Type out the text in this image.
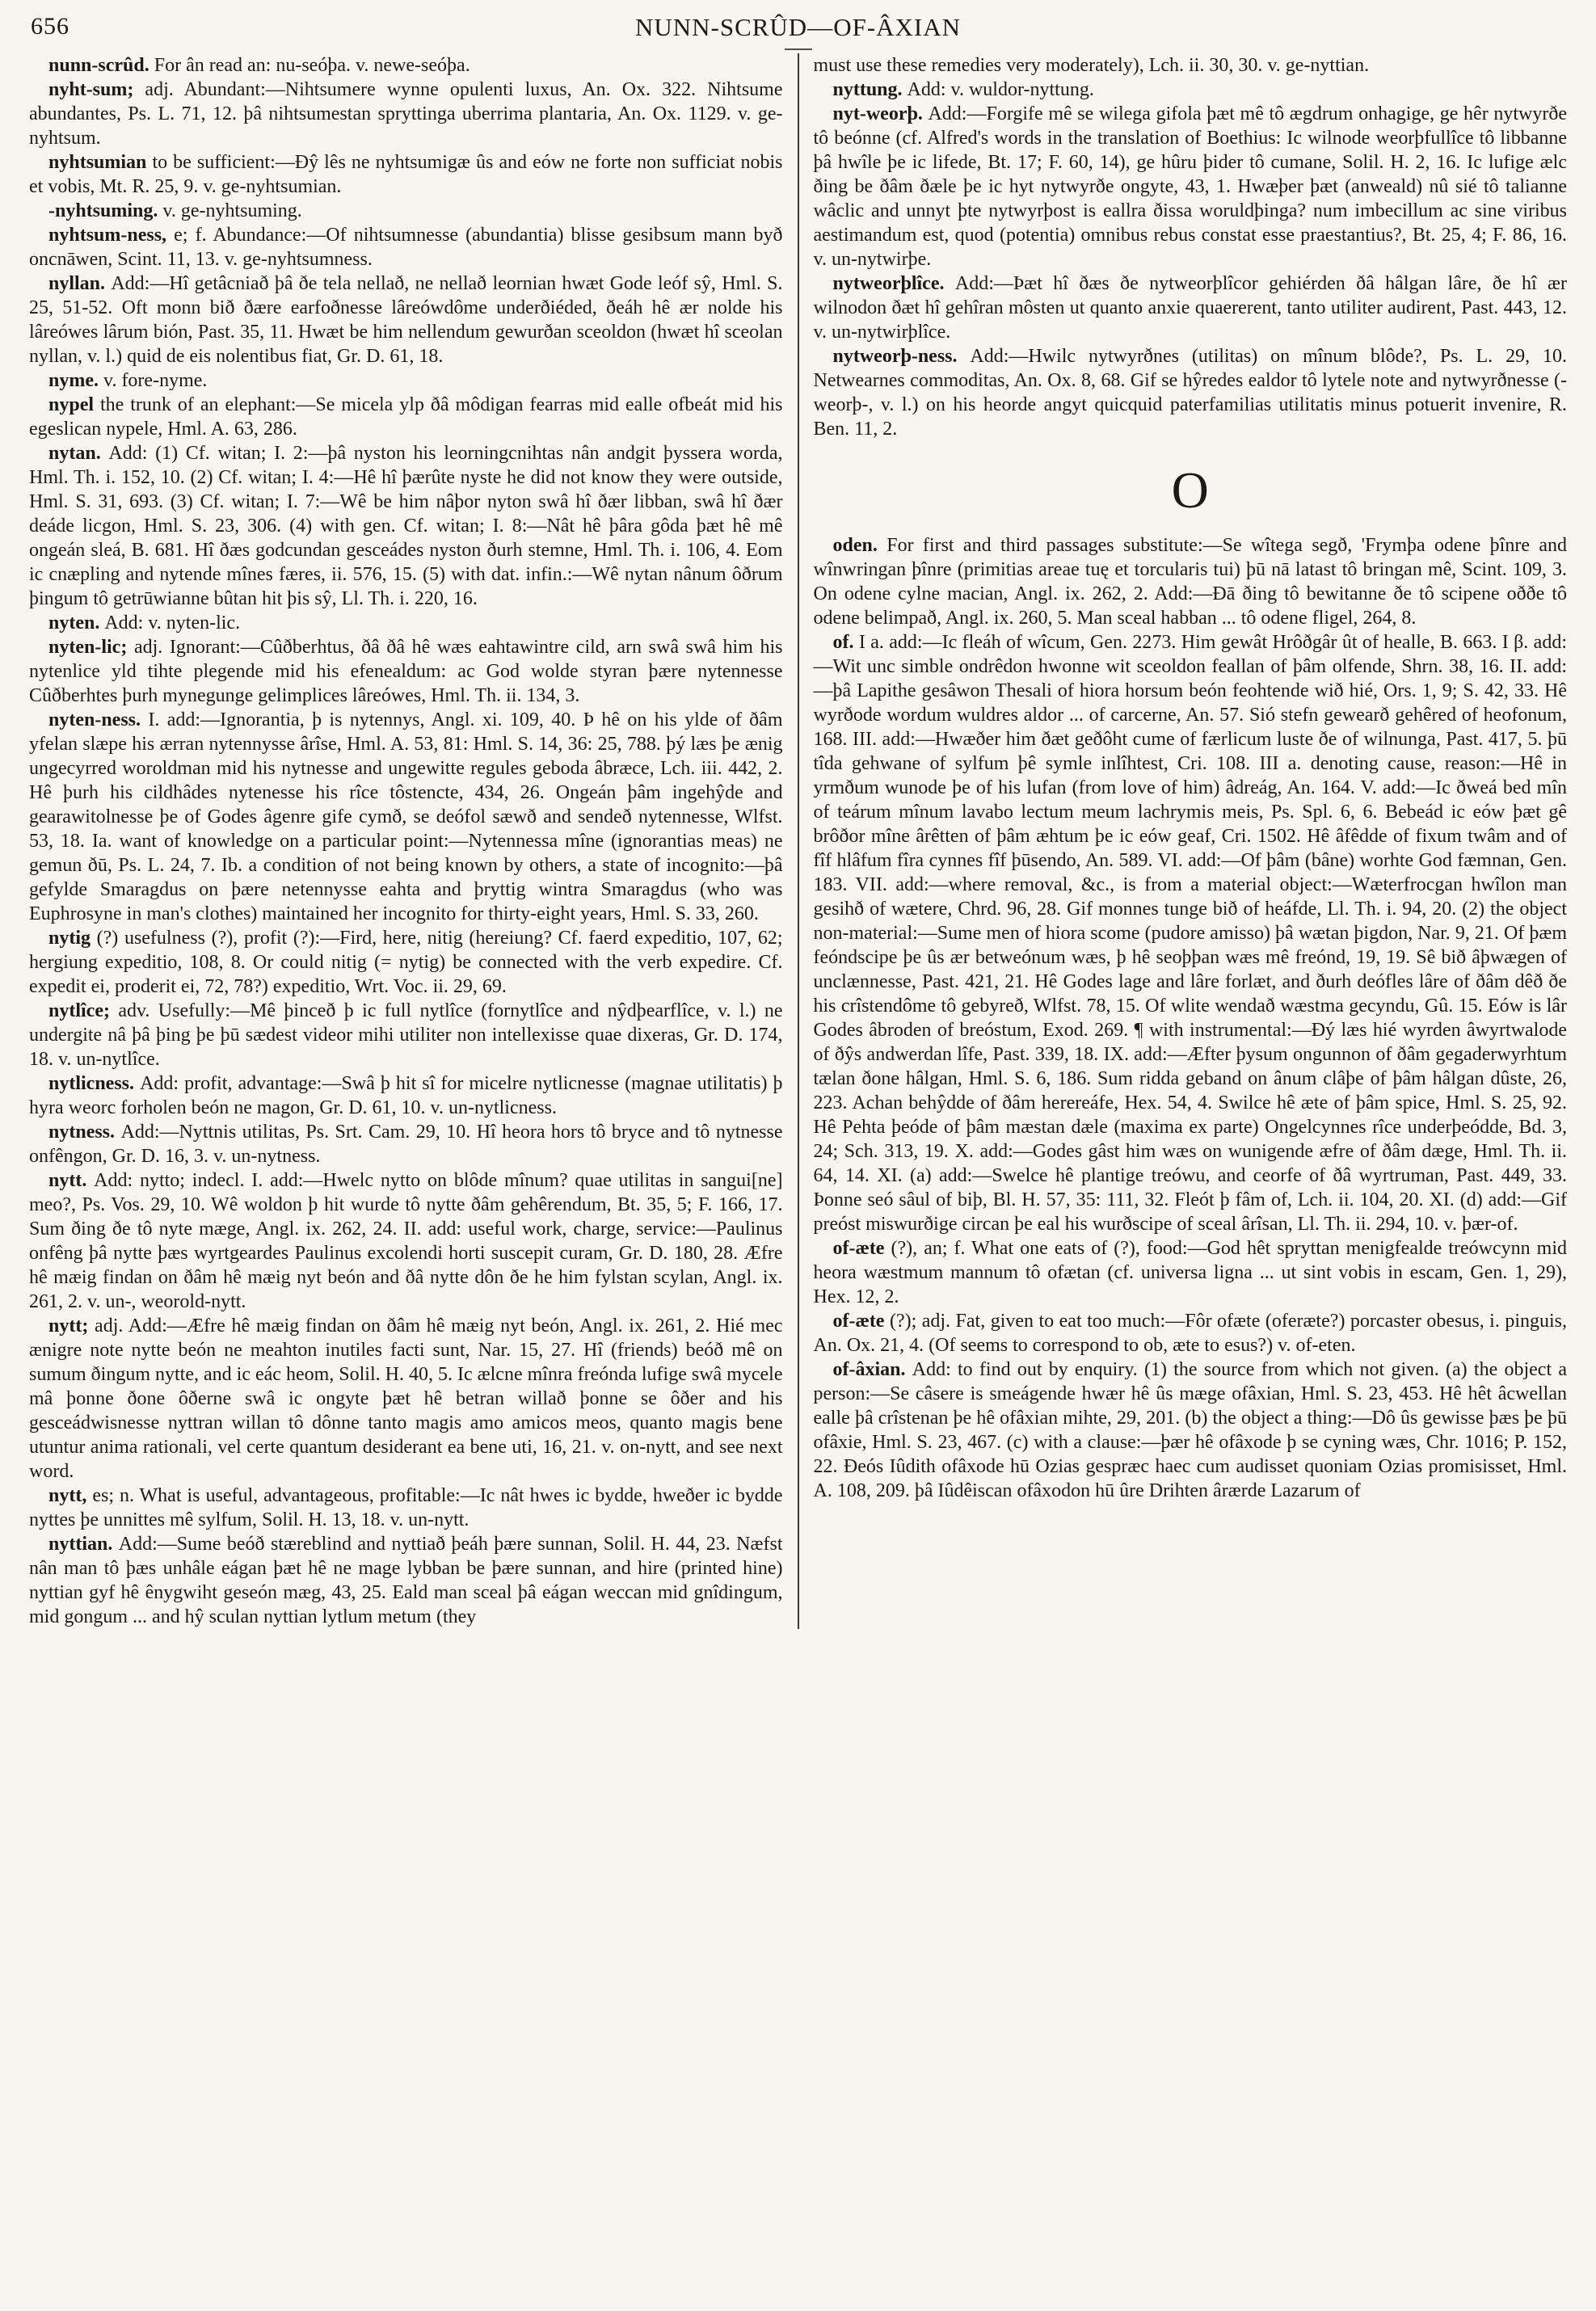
656	NUNN-SCRÛD—OF-ÂXIAN

nunn-scrûd. For ân read an: nu-seóþa. v. newe-seóþa.

nyht-sum; adj. Abundant:—Nihtsumere wynne opulenti luxus, An. Ox. 322. Nihtsume abundantes, Ps. L. 71, 12. þâ nihtsumestan spryttinga uberrima plantaria, An. Ox. 1129. v. ge-nyhtsum.

nyhtsumian to be sufficient:—Ðŷ lês ne nyhtsumigæ ûs and eów ne forte non sufficiat nobis et vobis, Mt. R. 25, 9. v. ge-nyhtsumian.

-nyhtsuming. v. ge-nyhtsuming.

nyhtsum-ness, e; f. Abundance:—Of nihtsumnesse (abundantia) blisse gesibsum mann byð oncnāwen, Scint. 11, 13. v. ge-nyhtsumness.

nyllan. Add:—Hî getâcniað þâ ðe tela nellað, ne nellað leornian hwæt Gode leóf sŷ, Hml. S. 25, 51-52. Oft monn bið ðære earfoðnesse lâreówdôme underðiéded, ðeáh hê ær nolde his lâreówes lârum bión, Past. 35, 11. Hwæt be him nellendum gewurðan sceoldon (hwæt hî sceolan nyllan, v. l.) quid de eis nolentibus fiat, Gr. D. 61, 18.

nyme. v. fore-nyme.

nypel the trunk of an elephant:—Se micela ylp ðâ môdigan fearras mid ealle ofbeát mid his egeslican nypele, Hml. A. 63, 286.

nytan. Add: (1) Cf. witan; I. 2:—þâ nyston his leorningcnihtas nân andgit þyssera worda, Hml. Th. i. 152, 10. (2) Cf. witan; I. 4:—Hê hî þærûte nyste he did not know they were outside, Hml. S. 31, 693. (3) Cf. witan; I. 7:—Wê be him nâþor nyton swâ hî ðær libban, swâ hî ðær deáde licgon, Hml. S. 23, 306. (4) with gen. Cf. witan; I. 8:—Nât hê þâra gôda þæt hê mê ongeán sleá, B. 681. Hî ðæs godcundan gesceádes nyston ðurh stemne, Hml. Th. i. 106, 4. Eom ic cnæpling and nytende mînes færes, ii. 576, 15. (5) with dat. infin.:—Wê nytan nânum ôðrum þingum tô getrūwianne bûtan hit þis sŷ, Ll. Th. i. 220, 16.

nyten. Add: v. nyten-lic.

nyten-lic; adj. Ignorant:—Cûðberhtus, ðâ ðâ hê wæs eahtawintre cild, arn swâ swâ him his nytenlice yld tihte plegende mid his efenealdum: ac God wolde styran þære nytennesse Cûðberhtes þurh mynegunge gelimplices lâreówes, Hml. Th. ii. 134, 3.

nyten-ness. I. add:—Ignorantia, þ is nytennys, Angl. xi. 109, 40. Þ hê on his ylde of ðâm yfelan slæpe his ærran nytennysse ârîse, Hml. A. 53, 81: Hml. S. 14, 36: 25, 788. þý læs þe ænig ungecyrred woroldman mid his nytnesse and ungewitte regules geboda âbræce, Lch. iii. 442, 2. Hê þurh his cildhâdes nytenesse his rîce tôstencte, 434, 26. Ongeán þâm ingehŷde and gearawitolnesse þe of Godes âgenre gife cymð, se deófol sæwð and sendeð nytennesse, Wlfst. 53, 18. Ia. want of knowledge on a particular point:—Nytennessa mîne (ignorantias meas) ne gemun ðū, Ps. L. 24, 7. Ib. a condition of not being known by others, a state of incognito:—þâ gefylde Smaragdus on þære netennysse eahta and þryttig wintra Smaragdus (who was Euphrosyne in man's clothes) maintained her incognito for thirty-eight years, Hml. S. 33, 260.

nytig (?) usefulness (?), profit (?):—Fird, here, nitig (hereiung? Cf. faerd expeditio, 107, 62; hergiung expeditio, 108, 8. Or could nitig (= nytig) be connected with the verb expedire. Cf. expedit ei, proderit ei, 72, 78?) expeditio, Wrt. Voc. ii. 29, 69.

nytlîce; adv. Usefully:—Mê þinceð þ ic full nytlîce (fornytlîce and nŷdþearflîce, v. l.) ne undergite nâ þâ þing þe þū sædest videor mihi utiliter non intellexisse quae dixeras, Gr. D. 174, 18. v. un-nytlîce.

nytlicness. Add: profit, advantage:—Swâ þ hit sî for micelre nytlicnesse (magnae utilitatis) þ hyra weorc forholen beón ne magon, Gr. D. 61, 10. v. un-nytlicness.

nytness. Add:—Nyttnis utilitas, Ps. Srt. Cam. 29, 10. Hî heora hors tô bryce and tô nytnesse onfêngon, Gr. D. 16, 3. v. un-nytness.

nytt. Add: nytto; indecl. I. add:—Hwelc nytto on blôde mînum? quae utilitas in sangui[ne] meo?, Ps. Vos. 29, 10. Wê woldon þ hit wurde tô nytte ðâm gehêrendum, Bt. 35, 5; F. 166, 17. Sum ðing ðe tô nyte mæge, Angl. ix. 262, 24. II. add: useful work, charge, service:—Paulinus onfêng þâ nytte þæs wyrtgeardes Paulinus excolendi horti suscepit curam, Gr. D. 180, 28. Æfre hê mæig findan on ðâm hê mæig nyt beón and ðâ nytte dôn ðe he him fylstan scylan, Angl. ix. 261, 2. v. un-, weorold-nytt.

nytt; adj. Add:—Æfre hê mæig findan on ðâm hê mæig nyt beón, Angl. ix. 261, 2. Hié mec ænigre note nytte beón ne meahton inutiles facti sunt, Nar. 15, 27. Hî (friends) beóð mê on sumum ðingum nytte, and ic eác heom, Solil. H. 40, 5. Ic ælcne mînra freónda lufige swâ mycele mâ þonne ðone ôðerne swâ ic ongyte þæt hê betran willað þonne se ôðer and his gesceádwisnesse nyttran willan tô dônne tanto magis amo amicos meos, quanto magis bene utuntur anima rationali, vel certe quantum desiderant ea bene uti, 16, 21. v. on-nytt, and see next word.

nytt, es; n. What is useful, advantageous, profitable:—Ic nât hwes ic bydde, hweðer ic bydde nyttes þe unnittes mê sylfum, Solil. H. 13, 18. v. un-nytt.

nyttian. Add:—Sume beóð stæreblind and nyttiað þeáh þære sunnan, Solil. H. 44, 23. Næfst nân man tô þæs unhâle eágan þæt hê ne mage lybban be þære sunnan, and hire (printed hine) nyttian gyf hê ênygwiht geseón mæg, 43, 25. Eald man sceal þâ eágan weccan mid gnîdingum, mid gongum ... and hŷ sculan nyttian lytlum metum (they

must use these remedies very moderately), Lch. ii. 30, 30. v. ge-nyttian.

nyttung. Add: v. wuldor-nyttung.

nyt-weorþ. Add:—Forgife mê se wilega gifola þæt mê tô ægdrum onhagige, ge hêr nytwyrðe tô beónne (cf. Alfred's words in the translation of Boethius: Ic wilnode weorþfullîce tô libbanne þâ hwîle þe ic lifede, Bt. 17; F. 60, 14), ge hûru þider tô cumane, Solil. H. 2, 16. Ic lufige ælc ðing be ðâm ðæle þe ic hyt nytwyrðe ongyte, 43, 1. Hwæþer þæt (anweald) nû sié tô talianne wâclic and unnyt þte nytwyrþost is eallra ðissa woruldþinga? num imbecillum ac sine viribus aestimandum est, quod (potentia) omnibus rebus constat esse praestantius?, Bt. 25, 4; F. 86, 16. v. un-nytwirþe.

nytweorþlîce. Add:—Þæt hî ðæs ðe nytweorþlîcor gehiérden ðâ hâlgan lâre, ðe hî ær wilnodon ðæt hî gehîran môsten ut quanto anxie quaererent, tanto utiliter audirent, Past. 443, 12. v. un-nytwirþlîce.

nytweorþ-ness. Add:—Hwilc nytwyrðnes (utilitas) on mînum blôde?, Ps. L. 29, 10. Netwearnes commoditas, An. Ox. 8, 68. Gif se hŷredes ealdor tô lytele note and nytwyrðnesse (-weorþ-, v. l.) on his heorde angyt quicquid paterfamilias utilitatis minus potuerit invenire, R. Ben. 11, 2.

O

oden. For first and third passages substitute:—Se wîtega segð, 'Frymþa odene þînre and wînwringan þînre (primitias areae tuę et torcularis tui) þū nā latast tô bringan mê, Scint. 109, 3. On odene cylne macian, Angl. ix. 262, 2. Add:—Ðā ðing tô bewitanne ðe tô scipene oððe tô odene belimpað, Angl. ix. 260, 5. Man sceal habban ... tô odene fligel, 264, 8.

of. I a. add:—Ic fleáh of wîcum, Gen. 2273. Him gewât Hrôðgâr ût of healle, B. 663. I β. add:—Wit unc simble ondrêdon hwonne wit sceoldon feallan of þâm olfende, Shrn. 38, 16. II. add:—þâ Lapithe gesâwon Thesali of hiora horsum beón feohtende wið hié, Ors. 1, 9; S. 42, 33. Hê wyrðode wordum wuldres aldor ... of carcerne, An. 57. Sió stefn gewearð gehêred of heofonum, 168. III. add:—Hwæðer him ðæt geðôht cume of færlicum luste ðe of wilnunga, Past. 417, 5. þū tîda gehwane of sylfum þê symle inlîhtest, Cri. 108. III a. denoting cause, reason:—Hê in yrmðum wunode þe of his lufan (from love of him) âdreág, An. 164. V. add:—Ic ðweá bed mîn of teárum mînum lavabo lectum meum lachrymis meis, Ps. Spl. 6, 6. Bebeád ic eów þæt gê brôðor mîne ârêtten of þâm æhtum þe ic eów geaf, Cri. 1502. Hê âfêdde of fixum twâm and of fîf hlâfum fîra cynnes fîf þūsendo, An. 589. VI. add:—Of þâm (bâne) worhte God fæmnan, Gen. 183. VII. add:—where removal, &c., is from a material object:—Wæterfrocgan hwîlon man gesihð of wætere, Chrd. 96, 28. Gif monnes tunge bið of heáfde, Ll. Th. i. 94, 20. (2) the object non-material:—Sume men of hiora scome (pudore amisso) þâ wætan þigdon, Nar. 9, 21. Of þæm feóndscipe þe ûs ær betweónum wæs, þ hê seoþþan wæs mê freónd, 19, 19. Sê bið âþwægen of unclænnesse, Past. 421, 21. Hê Godes lage and lâre forlæt, and ðurh deófles lâre of ðâm dêð ðe his crîstendôme tô gebyreð, Wlfst. 78, 15. Of wlite wendað wæstma gecyndu, Gû. 15. Eów is lâr Godes âbroden of breóstum, Exod. 269. ¶ with instrumental:—Ðý læs hié wyrden âwyrtwalode of ðŷs andwerdan lîfe, Past. 339, 18. IX. add:—Æfter þysum ongunnon of ðâm gegaderwyrhtum tælan ðone hâlgan, Hml. S. 6, 186. Sum ridda geband on ânum clâþe of þâm hâlgan dûste, 26, 223. Achan behŷdde of ðâm herereáfe, Hex. 54, 4. Swilce hê æte of þâm spice, Hml. S. 25, 92. Hê Pehta þeóde of þâm mæstan dæle (maxima ex parte) Ongelcynnes rîce underþeódde, Bd. 3, 24; Sch. 313, 19. X. add:—Godes gâst him wæs on wunigende æfre of ðâm dæge, Hml. Th. ii. 64, 14. XI. (a) add:—Swelce hê plantige treówu, and ceorfe of ðâ wyrtruman, Past. 449, 33. Þonne seó sâul of biþ, Bl. H. 57, 35: 111, 32. Fleót þ fâm of, Lch. ii. 104, 20. XI. (d) add:—Gif preóst miswurðige circan þe eal his wurðscipe of sceal ârîsan, Ll. Th. ii. 294, 10. v. þær-of.

of-æte (?), an; f. What one eats of (?), food:—God hêt spryttan menigfealde treówcynn mid heora wæstmum mannum tô ofætan (cf. universa ligna ... ut sint vobis in escam, Gen. 1, 29), Hex. 12, 2.

of-æte (?); adj. Fat, given to eat too much:—Fôr ofæte (oferæte?) porcaster obesus, i. pinguis, An. Ox. 21, 4. (Of seems to correspond to ob, æte to esus?) v. of-eten.

of-âxian. Add: to find out by enquiry. (1) the source from which not given. (a) the object a person:—Se câsere is smeágende hwær hê ûs mæge ofâxian, Hml. S. 23, 453. Hê hêt âcwellan ealle þâ crîstenan þe hê ofâxian mihte, 29, 201. (b) the object a thing:—Dô ûs gewisse þæs þe þū ofâxie, Hml. S. 23, 467. (c) with a clause:—þær hê ofâxode þ se cyning wæs, Chr. 1016; P. 152, 22. Ðeós Iûdith ofâxode hū Ozias gespræc haec cum audisset quoniam Ozias promisisset, Hml. A. 108, 209. þâ Iûdêiscan ofâxodon hū ûre Drihten ârærde Lazarum of
